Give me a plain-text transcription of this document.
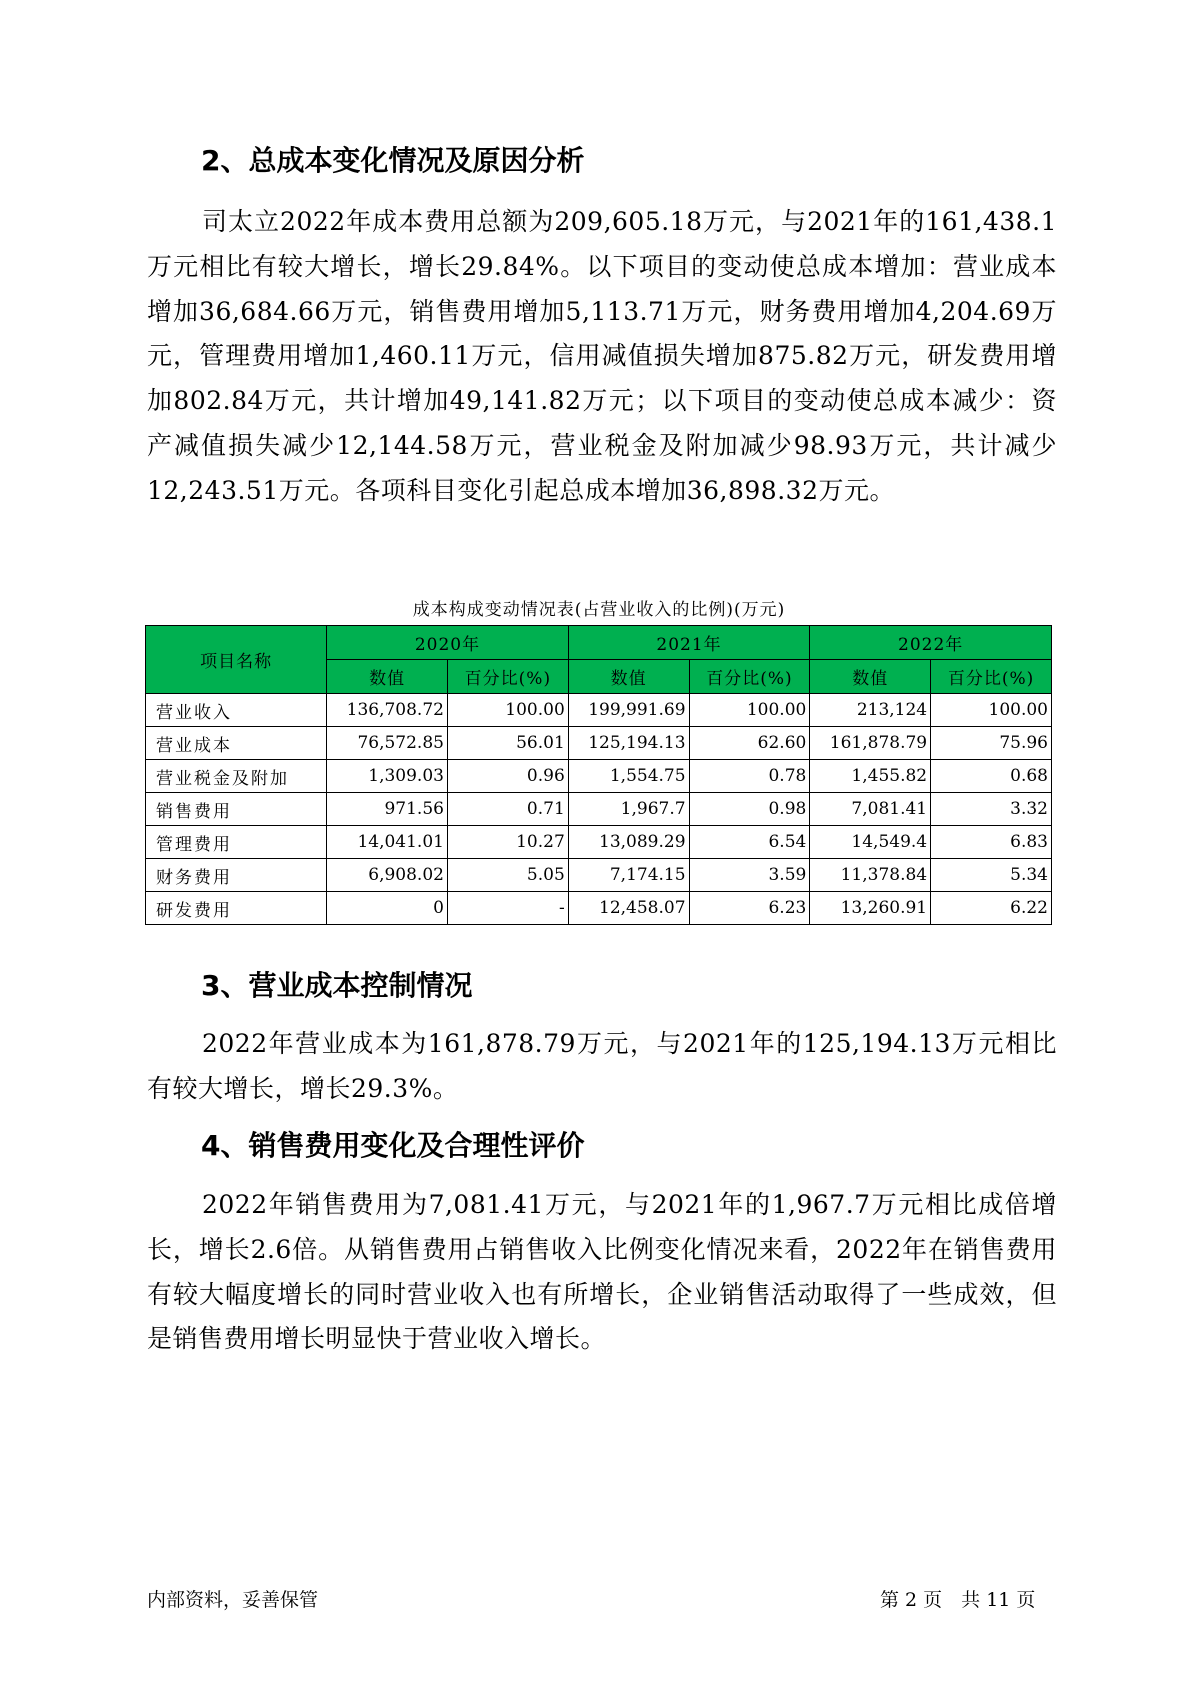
2、总成本变化情况及原因分析

司太立2022年成本费用总额为209,605.18万元，与2021年的161,438.1万元相比有较大增长，增长29.84%。以下项目的变动使总成本增加：营业成本增加36,684.66万元，销售费用增加5,113.71万元，财务费用增加4,204.69万元，管理费用增加1,460.11万元，信用减值损失增加875.82万元，研发费用增加802.84万元，共计增加49,141.82万元；以下项目的变动使总成本减少：资产减值损失减少12,144.58万元，营业税金及附加减少98.93万元，共计减少12,243.51万元。各项科目变化引起总成本增加36,898.32万元。

成本构成变动情况表(占营业收入的比例)(万元)
项目名称	2020年		2021年		2022年	
	数值	百分比(%)	数值	百分比(%)	数值	百分比(%)
营业收入	136,708.72	100.00	199,991.69	100.00	213,124	100.00
营业成本	76,572.85	56.01	125,194.13	62.60	161,878.79	75.96
营业税金及附加	1,309.03	0.96	1,554.75	0.78	1,455.82	0.68
销售费用	971.56	0.71	1,967.7	0.98	7,081.41	3.32
管理费用	14,041.01	10.27	13,089.29	6.54	14,549.4	6.83
财务费用	6,908.02	5.05	7,174.15	3.59	11,378.84	5.34
研发费用	0	-	12,458.07	6.23	13,260.91	6.22
3、营业成本控制情况

2022年营业成本为161,878.79万元，与2021年的125,194.13万元相比有较大增长，增长29.3%。

4、销售费用变化及合理性评价

2022年销售费用为7,081.41万元，与2021年的1,967.7万元相比成倍增长，增长2.6倍。从销售费用占销售收入比例变化情况来看，2022年在销售费用有较大幅度增长的同时营业收入也有所增长，企业销售活动取得了一些成效，但是销售费用增长明显快于营业收入增长。

内部资料，妥善保管	第 2 页　共 11 页
